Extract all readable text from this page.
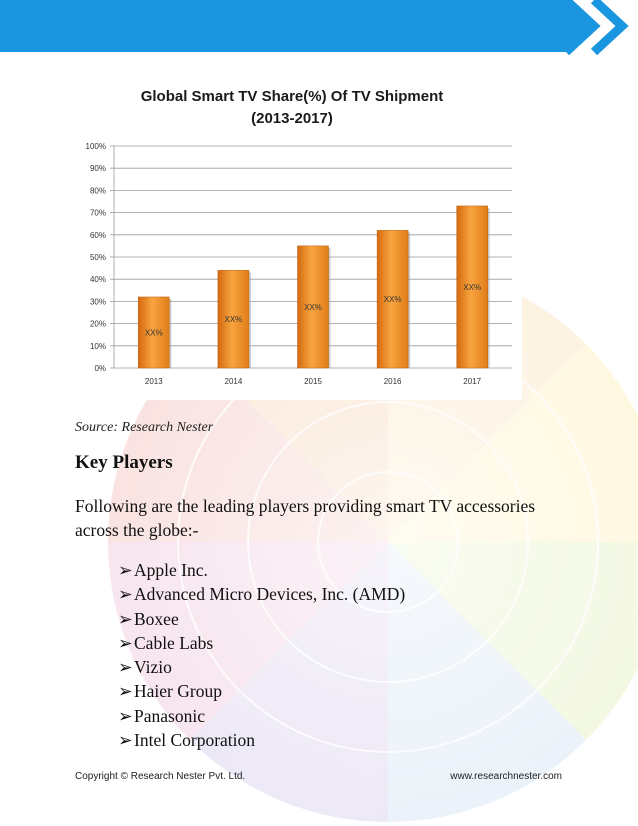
0%
10%
20%
30%
40%
50%
60%
70%
80%
90%
100%
XX%
2013
XX%
2014
XX%
2015
XX%
2016
XX%
2017
Global Smart TV Share(%) Of TV Shipment
(2013-2017)
Source: Research Nester
Key Players
Following are the leading players providing smart TV accessories across the globe:-
➢Apple Inc.
➢Advanced Micro Devices, Inc. (AMD)
➢Boxee
➢Cable Labs
➢Vizio
➢Haier Group
➢Panasonic
➢Intel Corporation
Copyright © Research Nester Pvt. Ltd.	www.researchnester.com
